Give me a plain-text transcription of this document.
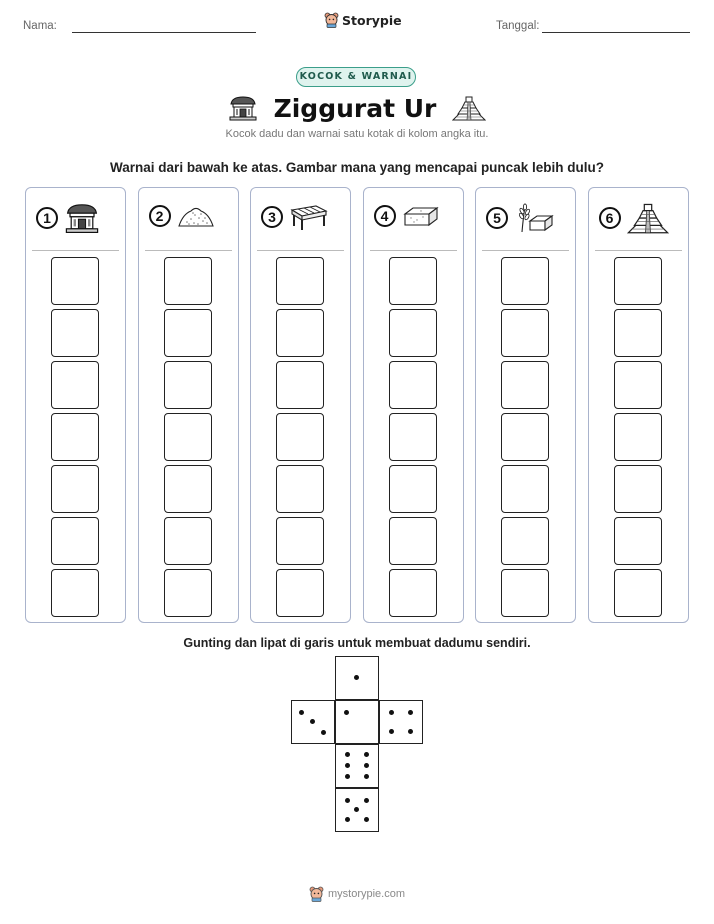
Nama:	Storypie	Tanggal:
KOCOK & WARNAI
Ziggurat Ur
Kocok dadu dan warnai satu kotak di kolom angka itu.
Warnai dari bawah ke atas. Gambar mana yang mencapai puncak lebih dulu?
1	2	3	4	5	6
Gunting dan lipat di garis untuk membuat dadumu sendiri.
mystorypie.com
